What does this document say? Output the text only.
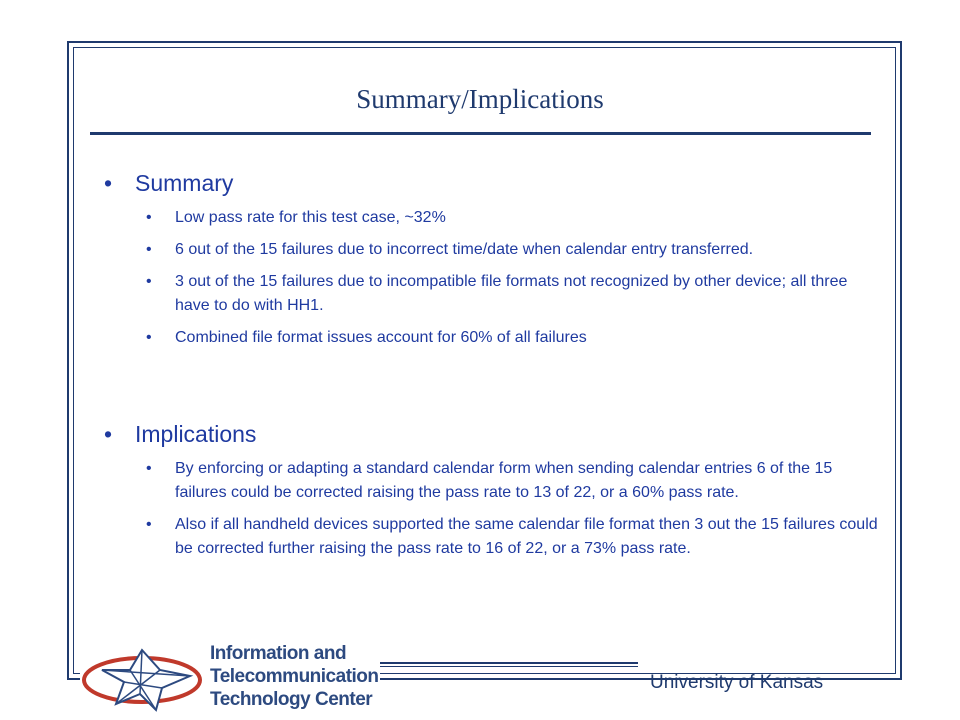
Summary/Implications
• Summary
• Low pass rate for this test case, ~32%
• 6 out of the 15 failures due to incorrect time/date when calendar entry transferred.
• 3 out of the 15 failures due to incompatible file formats not recognized by other device; all three have to do with HH1.
• Combined file format issues account for 60% of all failures
• Implications
• By enforcing or adapting a standard calendar form when sending calendar entries 6 of the 15 failures could be corrected raising the pass rate to 13 of 22, or a 60% pass rate.
• Also if all handheld devices supported the same calendar file format then 3 out the 15 failures could be corrected further raising the pass rate to 16 of 22, or a 73% pass rate.
Information and
Telecommunication
Technology Center
University of Kansas
